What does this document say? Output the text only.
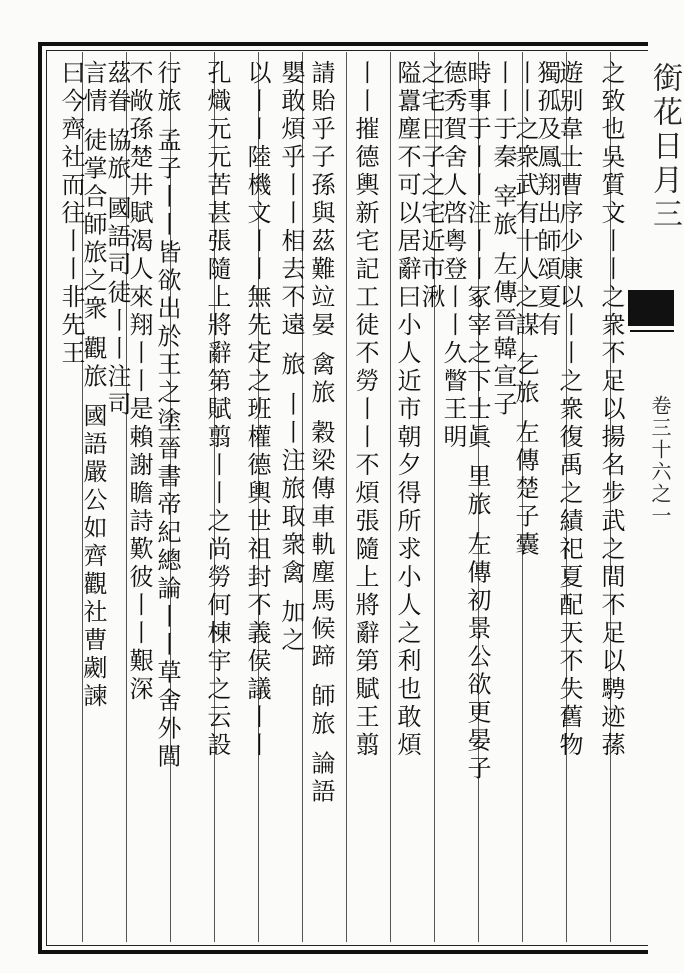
銜花日月三
卷三十六之一
之致也吳質文丨丨之衆不足以揚名步武之間不足以騁迹蓀
遊别韋士曹序少康以丨丨之衆復禹之績祀夏配天不失舊物
獨孤及鳳翔出師頌夏有
丨丨之衆武有十人之謀 乞旅 左傳楚子囊
丨丨于秦 宰旅 左傳晉韓宣子
時事于丨丨注丨丨冢宰之下士眞 里旅 左傳初景公欲更晏子
德秀賀舍人啓粤登丨丨久瞥王明
之宅曰子之宅近市湫
隘囂塵不可以居辭曰小人近市朝夕得所求小人之利也敢煩
丨丨摧德輿新宅記工徒不勞丨丨不煩張隨上將辭第賦王翦
請貽乎子孫與茲難竝晏 禽旅 穀梁傳車軌塵馬候蹄 師旅 論語
嬰敢煩乎丨丨相去不遠 旅 丨丨注旅取衆禽 加之
以丨丨陸機文丨丨無先定之班權德輿世祖封不義侯議丨丨
孔熾元元苦甚張隨上將辭第賦翦丨丨之尚勞何棟宇之云設
行旅 孟子丨丨皆欲出於王之塗晉書帝紀總論丨丨草舍外閭
不敞孫楚井賦渴人來翔丨丨是賴謝瞻詩歎彼丨丨艱深
茲眷 協旅 國語司徒丨丨注司
言情 徒掌合師旅之衆 觀旅 國語嚴公如齊觀社曹劌諫
曰今齊社而往丨丨非先王
